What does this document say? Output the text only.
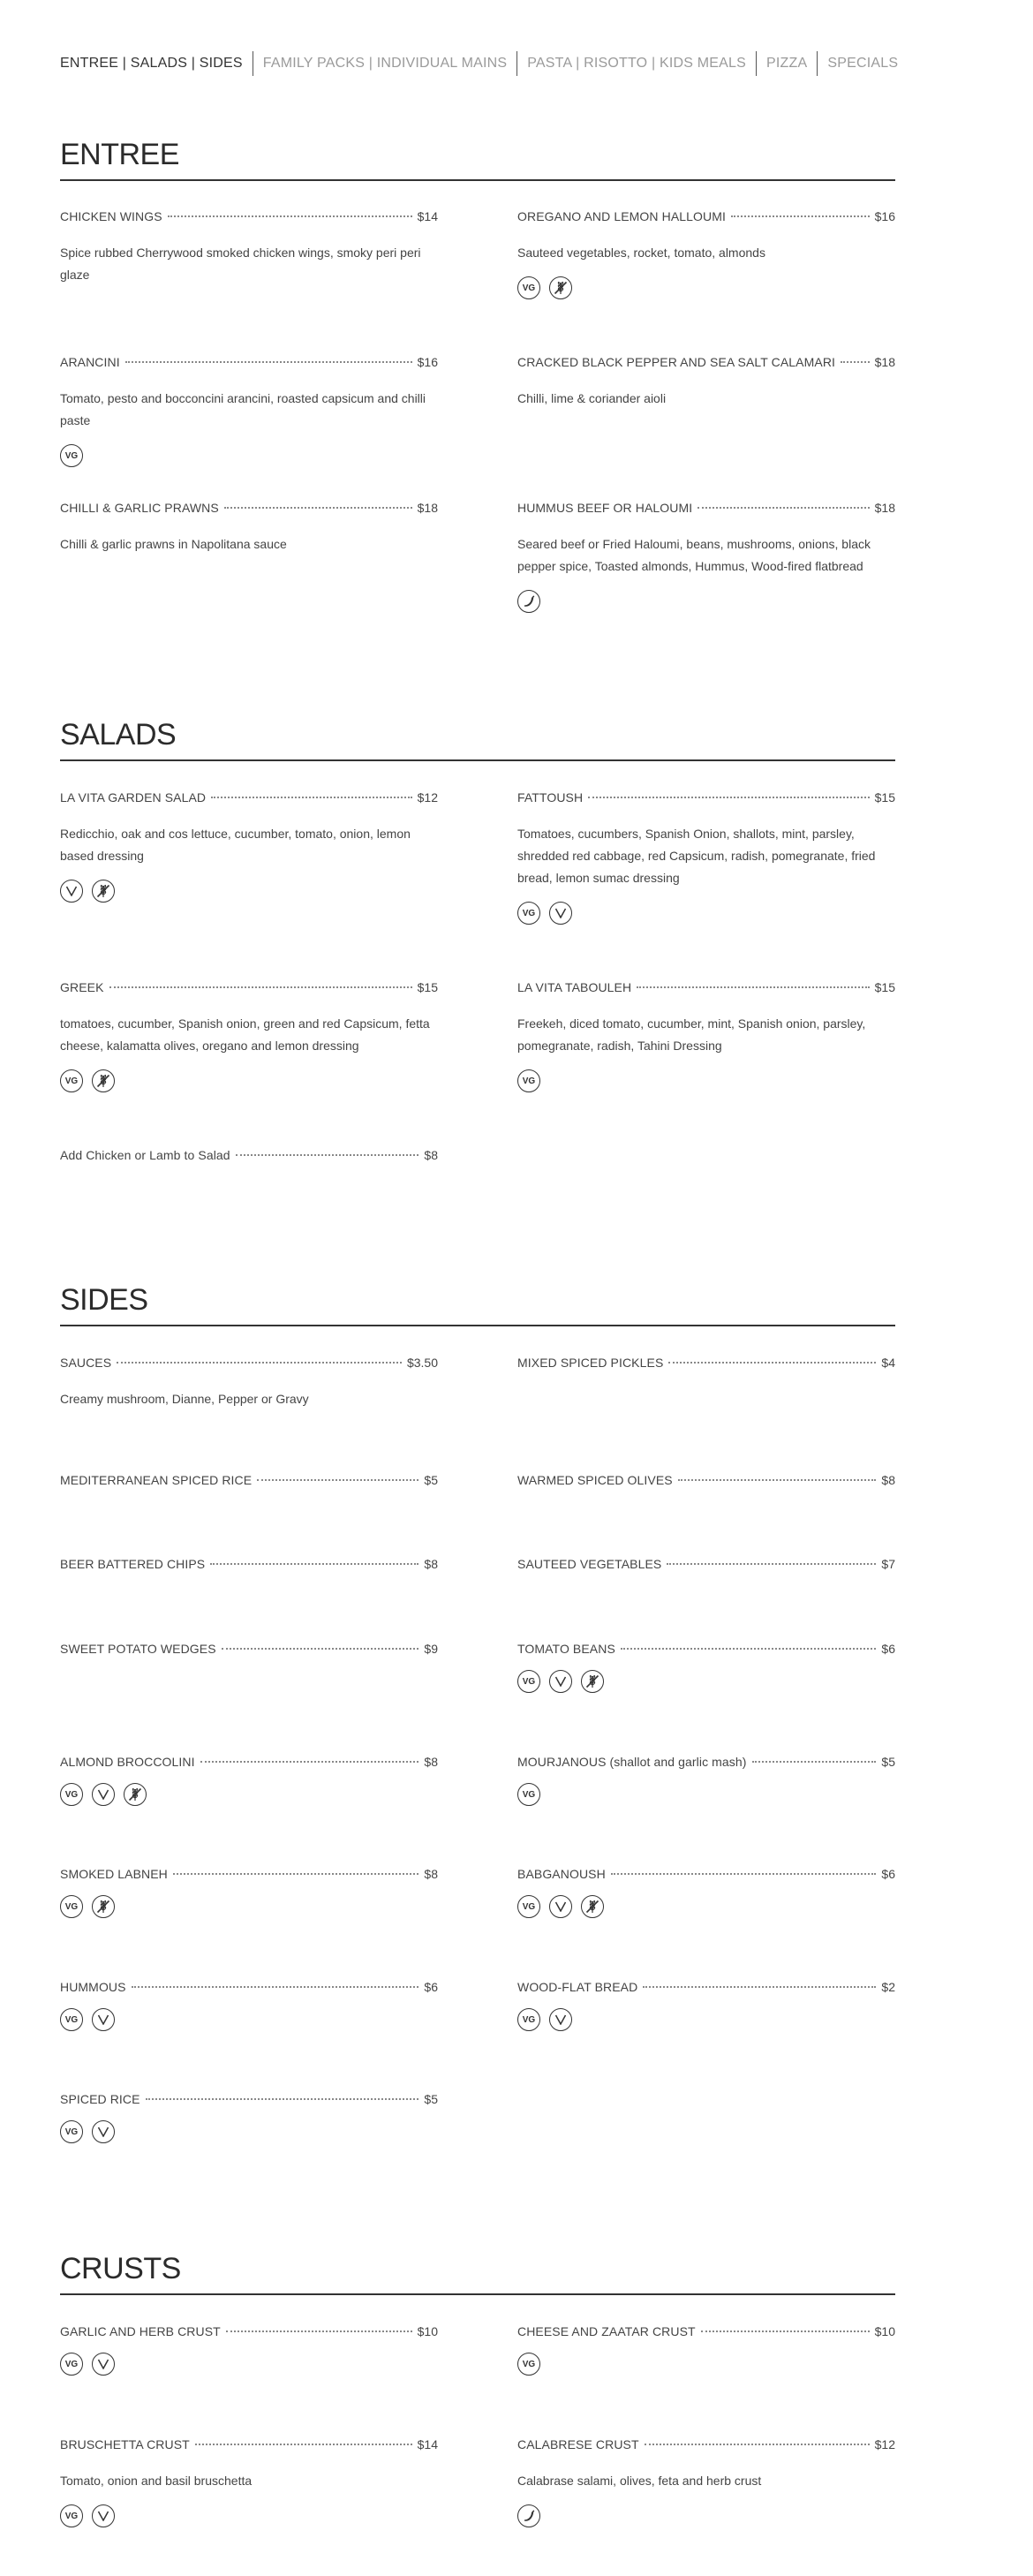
ENTREE | SALADS | SIDES	FAMILY PACKS | INDIVIDUAL MAINS	PASTA | RISOTTO | KIDS MEALS	PIZZA	SPECIALS
ENTREE
CHICKEN WINGS	$14
Spice rubbed Cherrywood smoked chicken wings, smoky peri peri glaze
OREGANO AND LEMON HALLOUMI	$16
Sauteed vegetables, rocket, tomato, almonds
VG
ARANCINI	$16
Tomato, pesto and bocconcini arancini, roasted capsicum and chilli paste
VG
CRACKED BLACK PEPPER AND SEA SALT CALAMARI	$18
Chilli, lime & coriander aioli
CHILLI & GARLIC PRAWNS	$18
Chilli & garlic prawns in Napolitana sauce
HUMMUS BEEF OR HALOUMI	$18
Seared beef or Fried Haloumi, beans, mushrooms, onions, black pepper spice, Toasted almonds, Hummus, Wood-fired flatbread
SALADS
LA VITA GARDEN SALAD	$12
Redicchio, oak and cos lettuce, cucumber, tomato, onion, lemon based dressing
FATTOUSH	$15
Tomatoes, cucumbers, Spanish Onion, shallots, mint, parsley, shredded red cabbage, red Capsicum, radish, pomegranate, fried bread, lemon sumac dressing
VG
GREEK	$15
tomatoes, cucumber, Spanish onion, green and red Capsicum, fetta cheese, kalamatta olives, oregano and lemon dressing
VG
LA VITA TABOULEH	$15
Freekeh, diced tomato, cucumber, mint, Spanish onion, parsley, pomegranate, radish, Tahini Dressing
VG
Add Chicken or Lamb to Salad	$8
SIDES
SAUCES	$3.50
Creamy mushroom, Dianne, Pepper or Gravy
MIXED SPICED PICKLES	$4
MEDITERRANEAN SPICED RICE	$5	WARMED SPICED OLIVES	$8
BEER BATTERED CHIPS	$8	SAUTEED VEGETABLES	$7
SWEET POTATO WEDGES	$9	TOMATO BEANS	$6
VG
ALMOND BROCCOLINI	$8
VG
MOURJANOUS (shallot and garlic mash)	$5
VG
SMOKED LABNEH	$8
VG
BABGANOUSH	$6
VG
HUMMOUS	$6
VG
WOOD-FLAT BREAD	$2
VG
SPICED RICE	$5
VG
CRUSTS
GARLIC AND HERB CRUST	$10
VG
CHEESE AND ZAATAR CRUST	$10
VG
BRUSCHETTA CRUST	$14
Tomato, onion and basil bruschetta
VG
CALABRESE CRUST	$12
Calabrase salami, olives, feta and herb crust
